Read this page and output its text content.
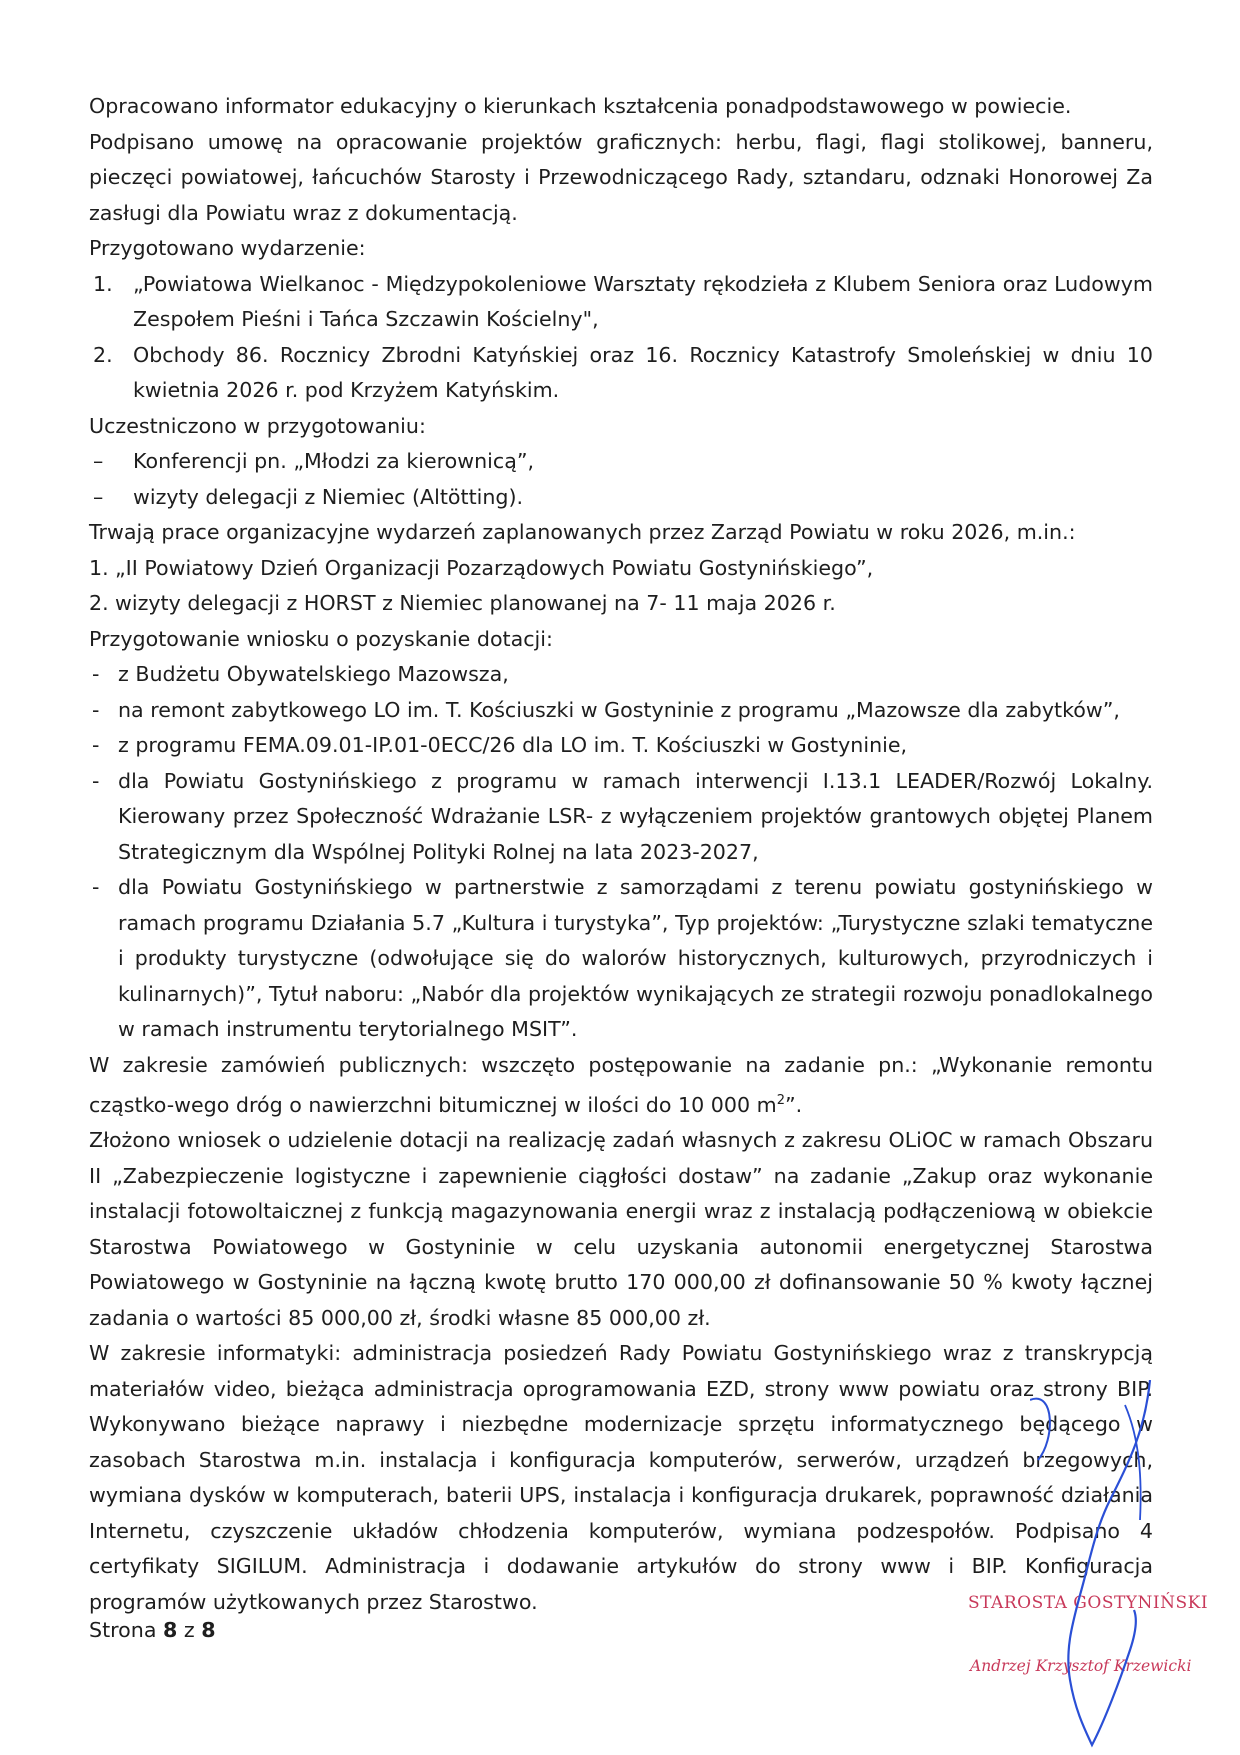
Opracowano informator edukacyjny o kierunkach kształcenia ponadpodstawowego w powiecie.

Podpisano umowę na opracowanie projektów graficznych: herbu, flagi, flagi stolikowej, banneru, pieczęci powiatowej, łańcuchów Starosty i Przewodniczącego Rady, sztandaru, odznaki Honorowej Za zasługi dla Powiatu wraz z dokumentacją.

Przygotowano wydarzenie:

1. „Powiatowa Wielkanoc - Międzypokoleniowe Warsztaty rękodzieła z Klubem Seniora oraz Ludowym Zespołem Pieśni i Tańca Szczawin Kościelny",
2. Obchody 86. Rocznicy Zbrodni Katyńskiej oraz 16. Rocznicy Katastrofy Smoleńskiej w dniu 10 kwietnia 2026 r. pod Krzyżem Katyńskim.

Uczestniczono w przygotowaniu:

–	Konferencji pn. „Młodzi za kierownicą”,
–	wizyty delegacji z Niemiec (Altötting).

Trwają prace organizacyjne wydarzeń zaplanowanych przez Zarząd Powiatu w roku 2026, m.in.:

1. „II Powiatowy Dzień Organizacji Pozarządowych Powiatu Gostynińskiego”,
2. wizyty delegacji z HORST z Niemiec planowanej na 7- 11 maja 2026 r.

Przygotowanie wniosku o pozyskanie dotacji:

- z Budżetu Obywatelskiego Mazowsza,
- na remont zabytkowego LO im. T. Kościuszki w Gostyninie z programu „Mazowsze dla zabytków”,
- z programu FEMA.09.01-IP.01-0ECC/26 dla LO im. T. Kościuszki w Gostyninie,
- dla Powiatu Gostynińskiego z programu w ramach interwencji I.13.1 LEADER/Rozwój Lokalny. Kierowany przez Społeczność Wdrażanie LSR- z wyłączeniem projektów grantowych objętej Planem Strategicznym dla Wspólnej Polityki Rolnej na lata 2023-2027,
- dla Powiatu Gostynińskiego w partnerstwie z samorządami z terenu powiatu gostynińskiego w ramach programu Działania 5.7 „Kultura i turystyka”, Typ projektów: „Turystyczne szlaki tematyczne i produkty turystyczne (odwołujące się do walorów historycznych, kulturowych, przyrodniczych i kulinarnych)”, Tytuł naboru: „Nabór dla projektów wynikających ze strategii rozwoju ponadlokalnego w ramach instrumentu terytorialnego MSIT”.

W zakresie zamówień publicznych: wszczęto postępowanie na zadanie pn.: „Wykonanie remontu cząstko-wego dróg o nawierzchni bitumicznej w ilości do 10 000 $m^2$”.

Złożono wniosek o udzielenie dotacji na realizację zadań własnych z zakresu OLiOC w ramach Obszaru II „Zabezpieczenie logistyczne i zapewnienie ciągłości dostaw” na zadanie „Zakup oraz wykonanie instalacji fotowoltaicznej z funkcją magazynowania energii wraz z instalacją podłączeniową w obiekcie Starostwa Powiatowego w Gostyninie w celu uzyskania autonomii energetycznej Starostwa Powiatowego w Gostyninie na łączną kwotę brutto 170 000,00 zł dofinansowanie 50 % kwoty łącznej zadania o wartości 85 000,00 zł, środki własne 85 000,00 zł.

W zakresie informatyki: administracja posiedzeń Rady Powiatu Gostynińskiego wraz z transkrypcją materiałów video, bieżąca administracja oprogramowania EZD, strony www powiatu oraz strony BIP. Wykonywano bieżące naprawy i niezbędne modernizacje sprzętu informatycznego będącego w zasobach Starostwa m.in. instalacja i konfiguracja komputerów, serwerów, urządzeń brzegowych, wymiana dysków w komputerach, baterii UPS, instalacja i konfiguracja drukarek, poprawność działania Internetu, czyszczenie układów chłodzenia komputerów, wymiana podzespołów. Podpisano 4 certyfikaty SIGILUM. Administracja i dodawanie artykułów do strony www i BIP. Konfiguracja programów użytkowanych przez Starostwo.

Strona 8 z 8
STAROSTA GOSTYNIŃSKI
Andrzej Krzysztof Krzewicki
